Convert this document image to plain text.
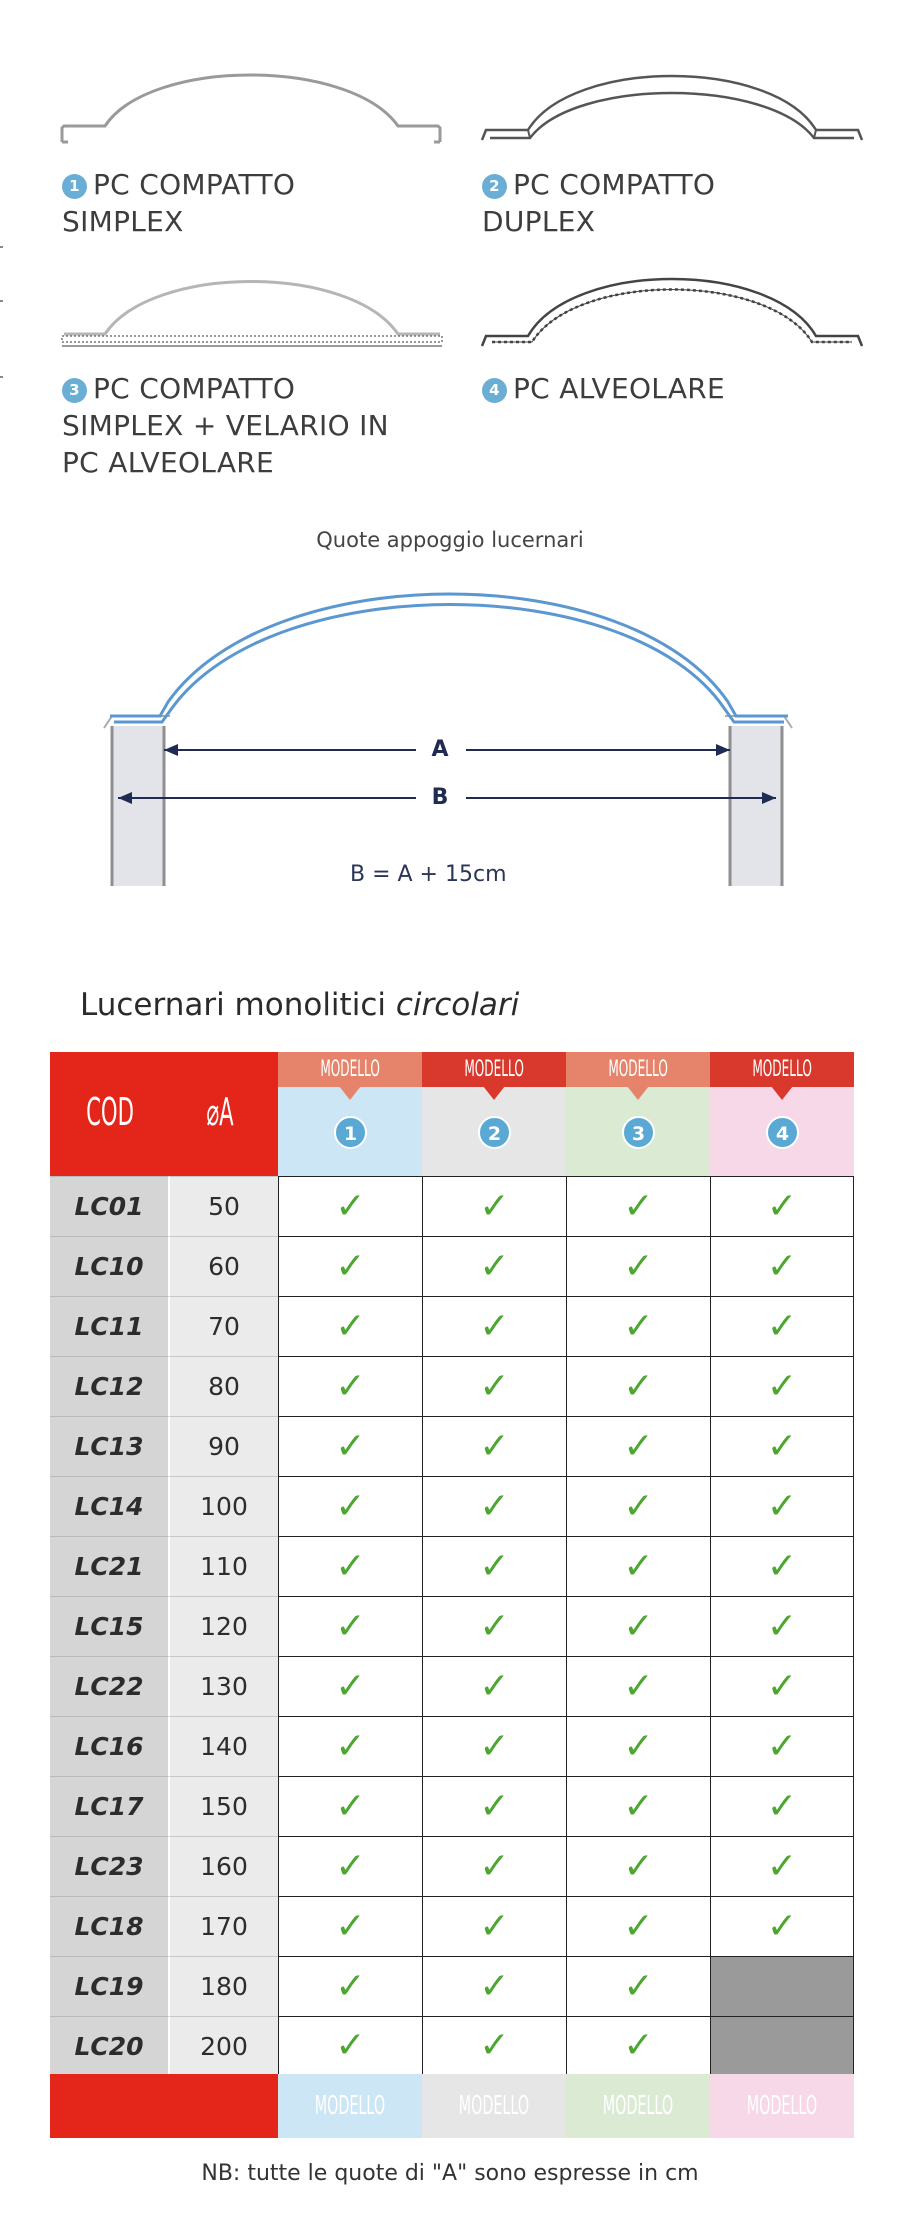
1 PC COMPATTO
SIMPLEX
2 PC COMPATTO
DUPLEX
3 PC COMPATTO
SIMPLEX + VELARIO IN
PC ALVEOLARE
4 PC ALVEOLARE
Quote appoggio lucernari
A
B
B = A + 15cm
Lucernari monolitici circolari
COD ⌀A
MODELLO
1
MODELLO
2
MODELLO
3
MODELLO
4
LC01	50	✓	✓	✓	✓
LC10	60	✓	✓	✓	✓
LC11	70	✓	✓	✓	✓
LC12	80	✓	✓	✓	✓
LC13	90	✓	✓	✓	✓
LC14	100	✓	✓	✓	✓
LC21	110	✓	✓	✓	✓
LC15	120	✓	✓	✓	✓
LC22	130	✓	✓	✓	✓
LC16	140	✓	✓	✓	✓
LC17	150	✓	✓	✓	✓
LC23	160	✓	✓	✓	✓
LC18	170	✓	✓	✓	✓
LC19	180	✓	✓	✓
LC20	200	✓	✓	✓
MODELLO	MODELLO	MODELLO	MODELLO
NB: tutte le quote di "A" sono espresse in cm
